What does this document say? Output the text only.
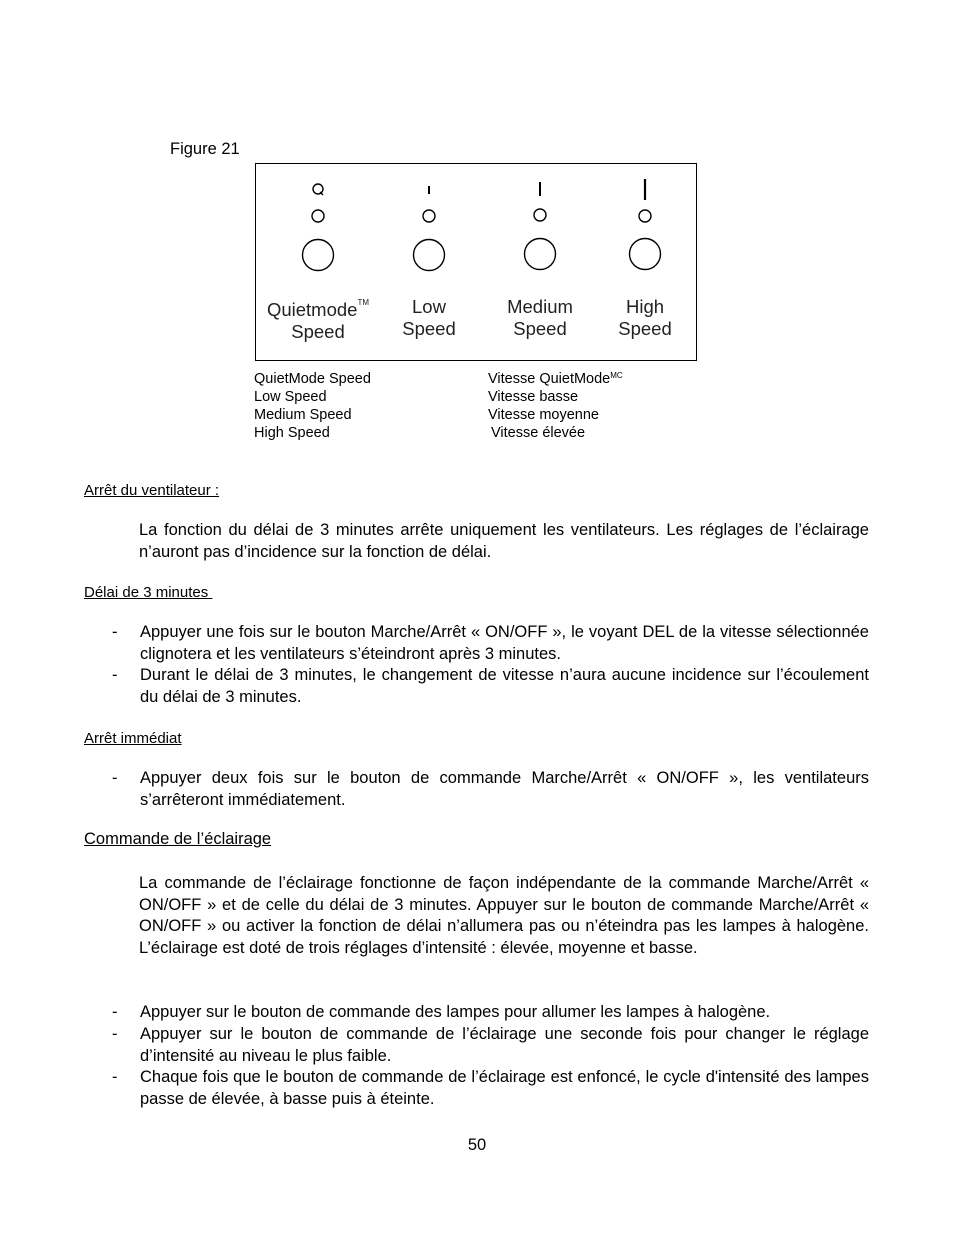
Figure 21
Quietmode™
Speed
Low
Speed
Medium
Speed
High
Speed
QuietMode Speed
Low Speed
Medium Speed
High Speed
Vitesse QuietMode$^{MC}$
Vitesse basse
Vitesse moyenne
Vitesse élevée
Arrêt du ventilateur :
La fonction du délai de 3 minutes arrête uniquement les ventilateurs. Les réglages de l’éclairage n’auront pas d’incidence sur la fonction de délai.
Délai de 3 minutes
- Appuyer une fois sur le bouton Marche/Arrêt « ON/OFF », le voyant DEL de la vitesse sélectionnée clignotera et les ventilateurs s’éteindront après 3 minutes.
- Durant le délai de 3 minutes, le changement de vitesse n’aura aucune incidence sur l’écoulement du délai de 3 minutes.
Arrêt immédiat
- Appuyer deux fois sur le bouton de commande Marche/Arrêt « ON/OFF », les ventilateurs s’arrêteront immédiatement.
Commande de l’éclairage
La commande de l’éclairage fonctionne de façon indépendante de la commande Marche/Arrêt « ON/OFF » et de celle du délai de 3 minutes. Appuyer sur le bouton de commande Marche/Arrêt « ON/OFF » ou activer la fonction de délai n’allumera pas ou n’éteindra pas les lampes à halogène. L’éclairage est doté de trois réglages d’intensité : élevée, moyenne et basse.
- Appuyer sur le bouton de commande des lampes pour allumer les lampes à halogène.
- Appuyer sur le bouton de commande de l’éclairage une seconde fois pour changer le réglage d’intensité au niveau le plus faible.
- Chaque fois que le bouton de commande de l’éclairage est enfoncé, le cycle d'intensité des lampes passe de élevée, à basse puis à éteinte.
50
